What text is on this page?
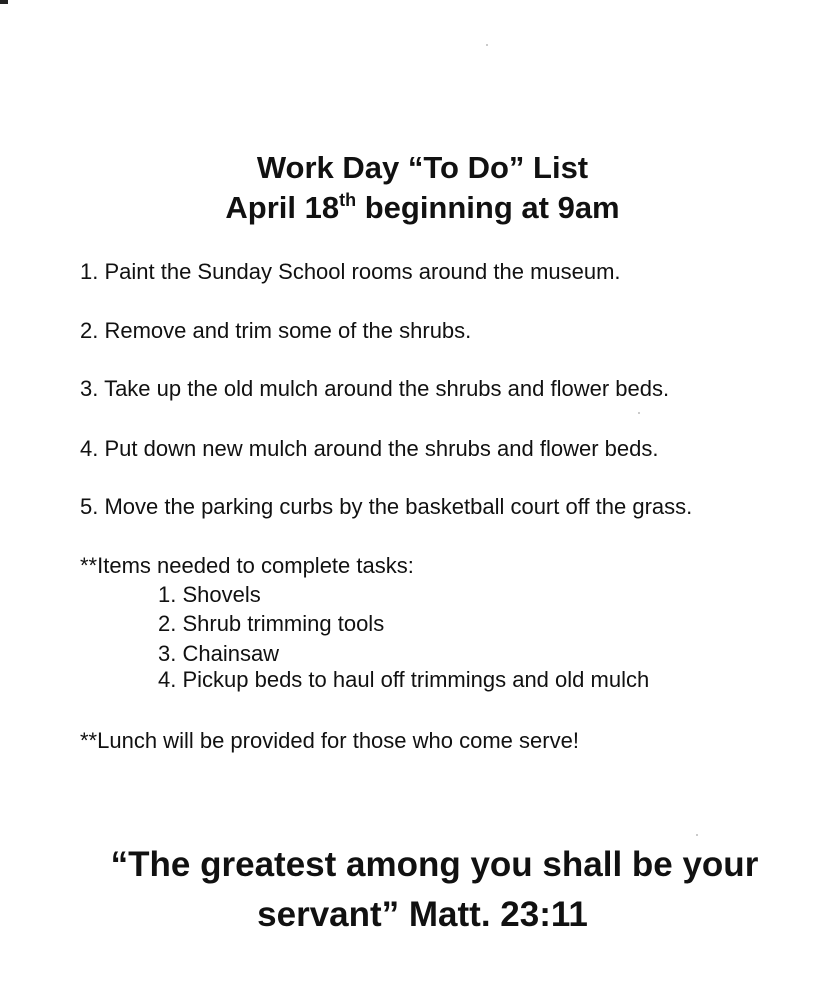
Work Day “To Do” List
April 18th beginning at 9am
1. Paint the Sunday School rooms around the museum.
2. Remove and trim some of the shrubs.
3. Take up the old mulch around the shrubs and flower beds.
4. Put down new mulch around the shrubs and flower beds.
5. Move the parking curbs by the basketball court off the grass.
**Items needed to complete tasks:
1. Shovels
2. Shrub trimming tools
3. Chainsaw
4. Pickup beds to haul off trimmings and old mulch
**Lunch will be provided for those who come serve!
“The greatest among you shall be your
servant” Matt. 23:11
